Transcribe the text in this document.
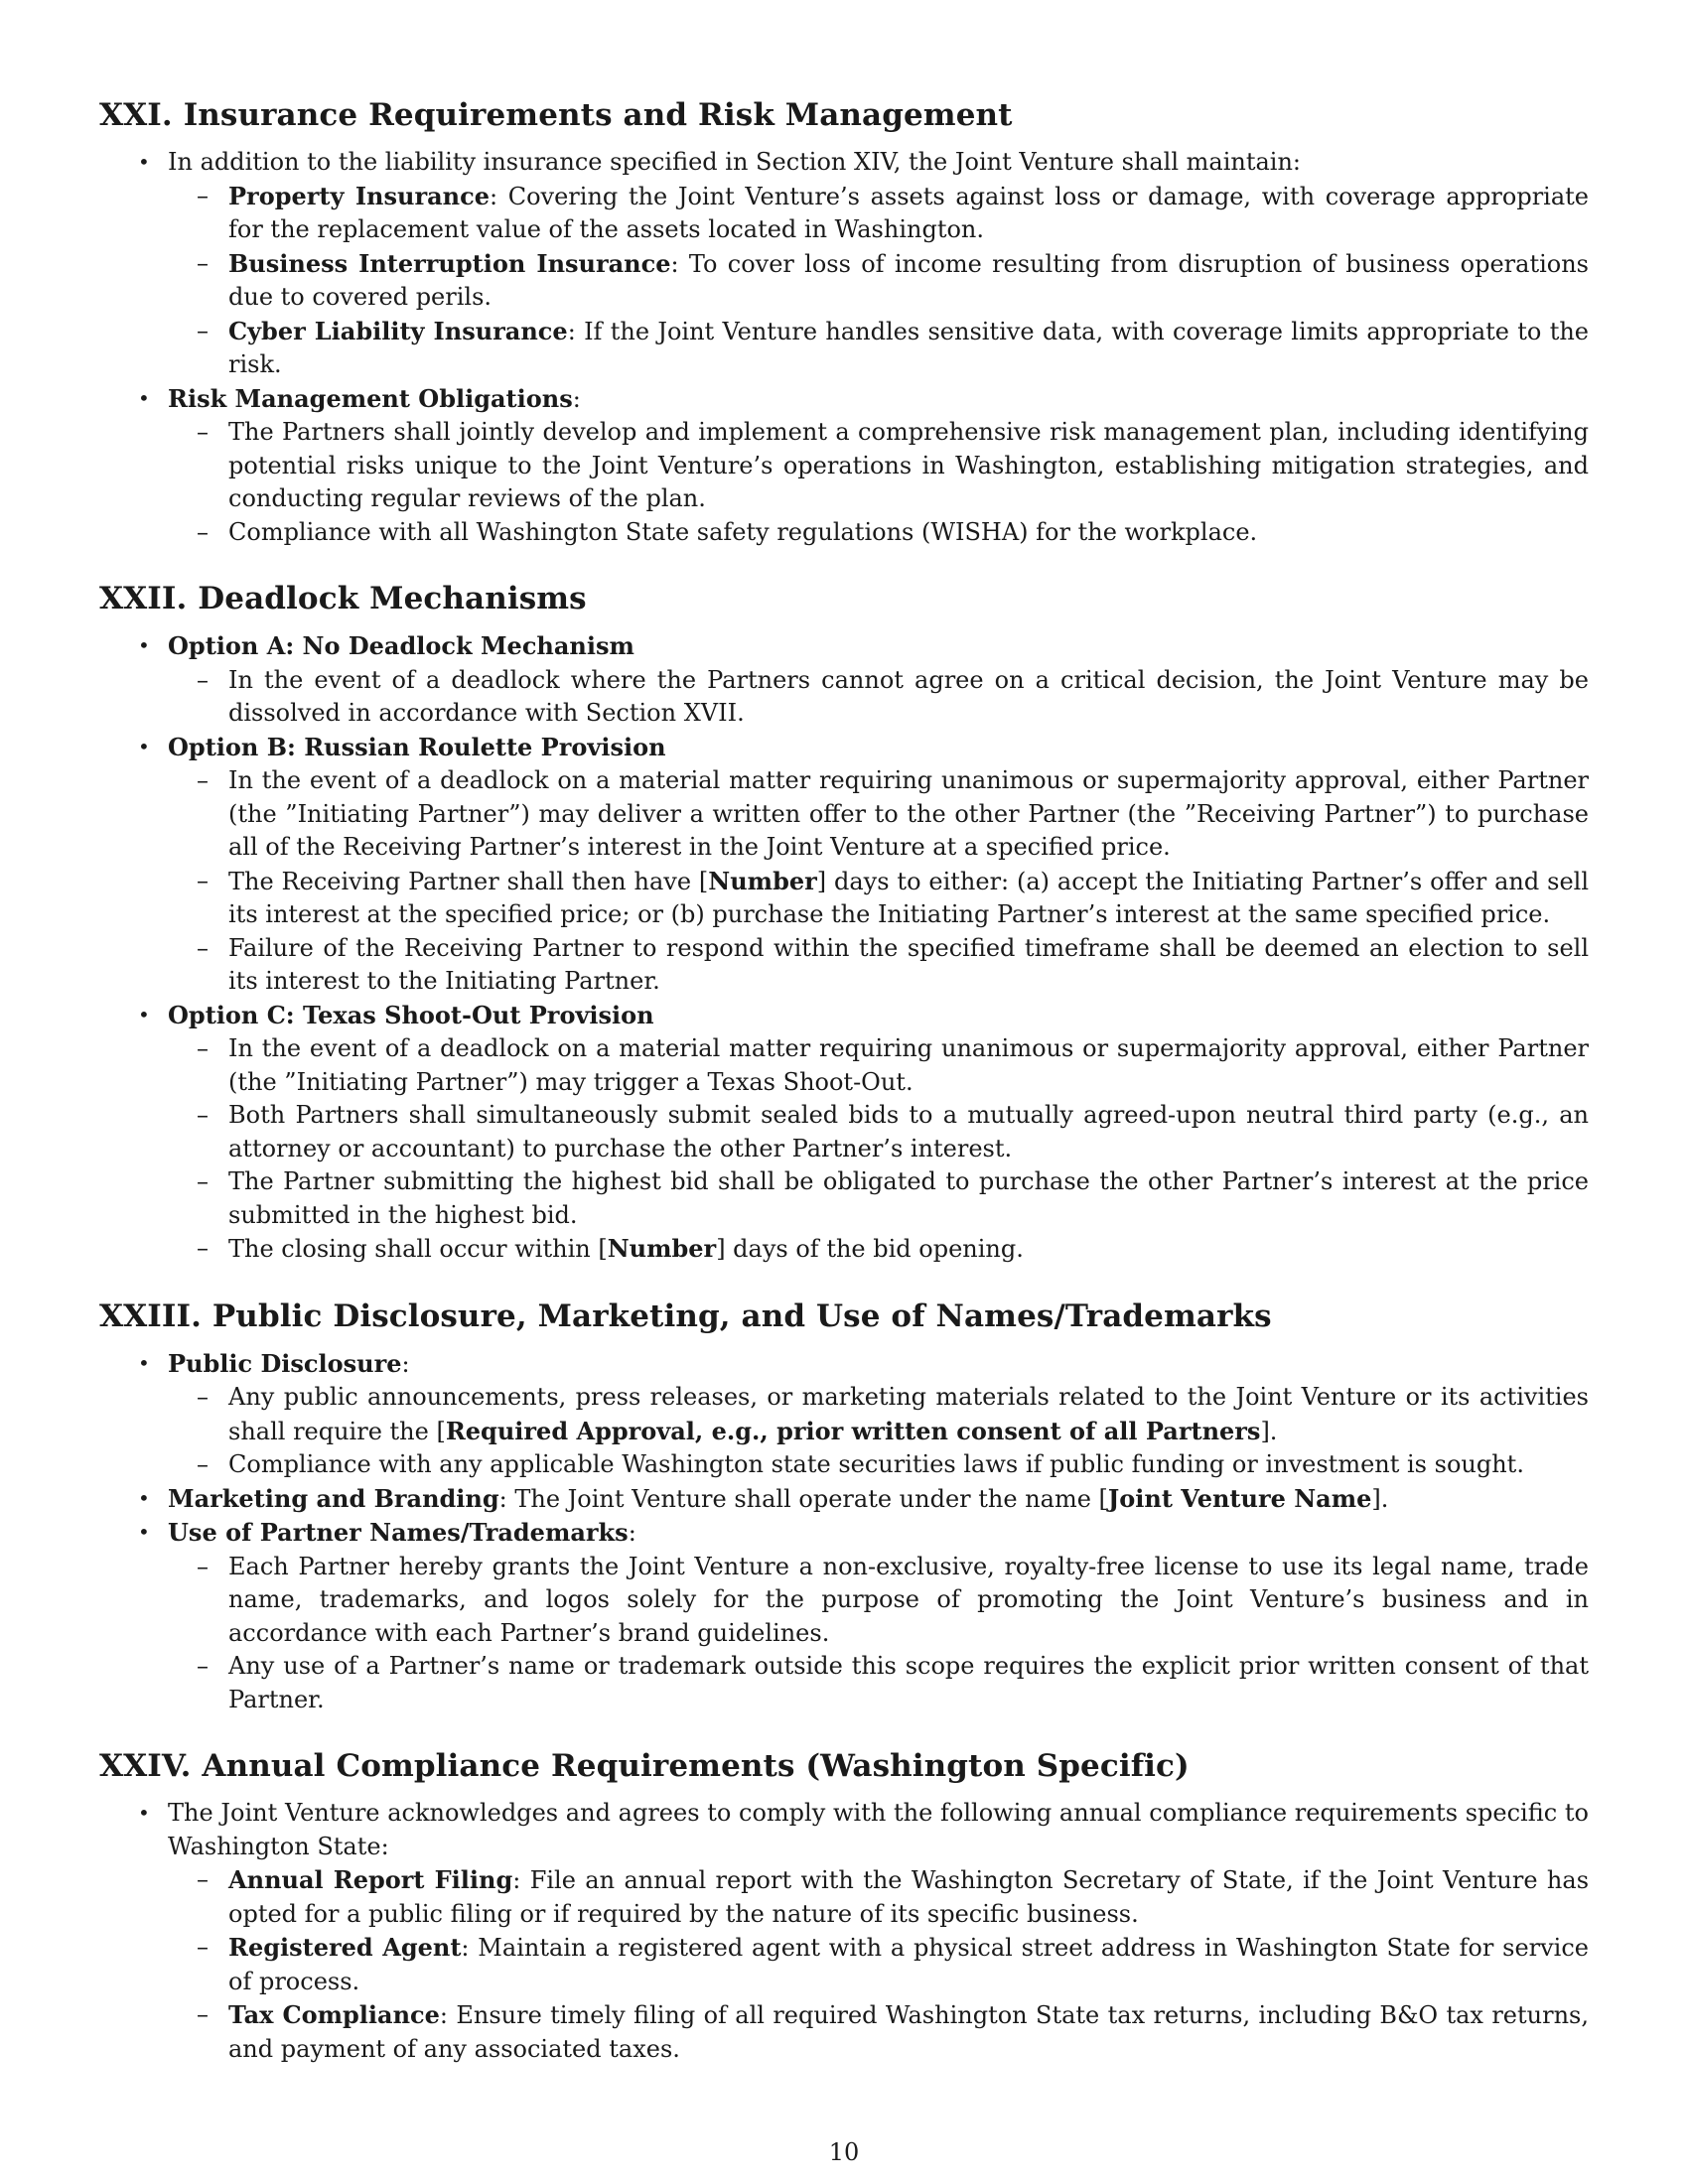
XXI. Insurance Requirements and Risk Management
• In addition to the liability insurance specified in Section XIV, the Joint Venture shall maintain:
– Property Insurance: Covering the Joint Venture’s assets against loss or damage, with coverage appropriate for the replacement value of the assets located in Washington.
– Business Interruption Insurance: To cover loss of income resulting from disruption of business operations due to covered perils.
– Cyber Liability Insurance: If the Joint Venture handles sensitive data, with coverage limits appropriate to the risk.
• Risk Management Obligations:
– The Partners shall jointly develop and implement a comprehensive risk management plan, including identifying potential risks unique to the Joint Venture’s operations in Washington, establishing mitigation strategies, and conducting regular reviews of the plan.
– Compliance with all Washington State safety regulations (WISHA) for the workplace.
XXII. Deadlock Mechanisms
• Option A: No Deadlock Mechanism
– In the event of a deadlock where the Partners cannot agree on a critical decision, the Joint Venture may be dissolved in accordance with Section XVII.
• Option B: Russian Roulette Provision
– In the event of a deadlock on a material matter requiring unanimous or supermajority approval, either Partner (the ”Initiating Partner”) may deliver a written offer to the other Partner (the ”Receiving Partner”) to purchase all of the Receiving Partner’s interest in the Joint Venture at a specified price.
– The Receiving Partner shall then have [Number] days to either: (a) accept the Initiating Partner’s offer and sell its interest at the specified price; or (b) purchase the Initiating Partner’s interest at the same specified price.
– Failure of the Receiving Partner to respond within the specified timeframe shall be deemed an election to sell its interest to the Initiating Partner.
• Option C: Texas Shoot-Out Provision
– In the event of a deadlock on a material matter requiring unanimous or supermajority approval, either Partner (the ”Initiating Partner”) may trigger a Texas Shoot-Out.
– Both Partners shall simultaneously submit sealed bids to a mutually agreed-upon neutral third party (e.g., an attorney or accountant) to purchase the other Partner’s interest.
– The Partner submitting the highest bid shall be obligated to purchase the other Partner’s interest at the price submitted in the highest bid.
– The closing shall occur within [Number] days of the bid opening.
XXIII. Public Disclosure, Marketing, and Use of Names/Trademarks
• Public Disclosure:
– Any public announcements, press releases, or marketing materials related to the Joint Venture or its activities shall require the [Required Approval, e.g., prior written consent of all Partners].
– Compliance with any applicable Washington state securities laws if public funding or investment is sought.
• Marketing and Branding: The Joint Venture shall operate under the name [Joint Venture Name].
• Use of Partner Names/Trademarks:
– Each Partner hereby grants the Joint Venture a non-exclusive, royalty-free license to use its legal name, trade name, trademarks, and logos solely for the purpose of promoting the Joint Venture’s business and in accordance with each Partner’s brand guidelines.
– Any use of a Partner’s name or trademark outside this scope requires the explicit prior written consent of that Partner.
XXIV. Annual Compliance Requirements (Washington Specific)
• The Joint Venture acknowledges and agrees to comply with the following annual compliance requirements specific to Washington State:
– Annual Report Filing: File an annual report with the Washington Secretary of State, if the Joint Venture has opted for a public filing or if required by the nature of its specific business.
– Registered Agent: Maintain a registered agent with a physical street address in Washington State for service of process.
– Tax Compliance: Ensure timely filing of all required Washington State tax returns, including B&O tax returns, and payment of any associated taxes.
10
